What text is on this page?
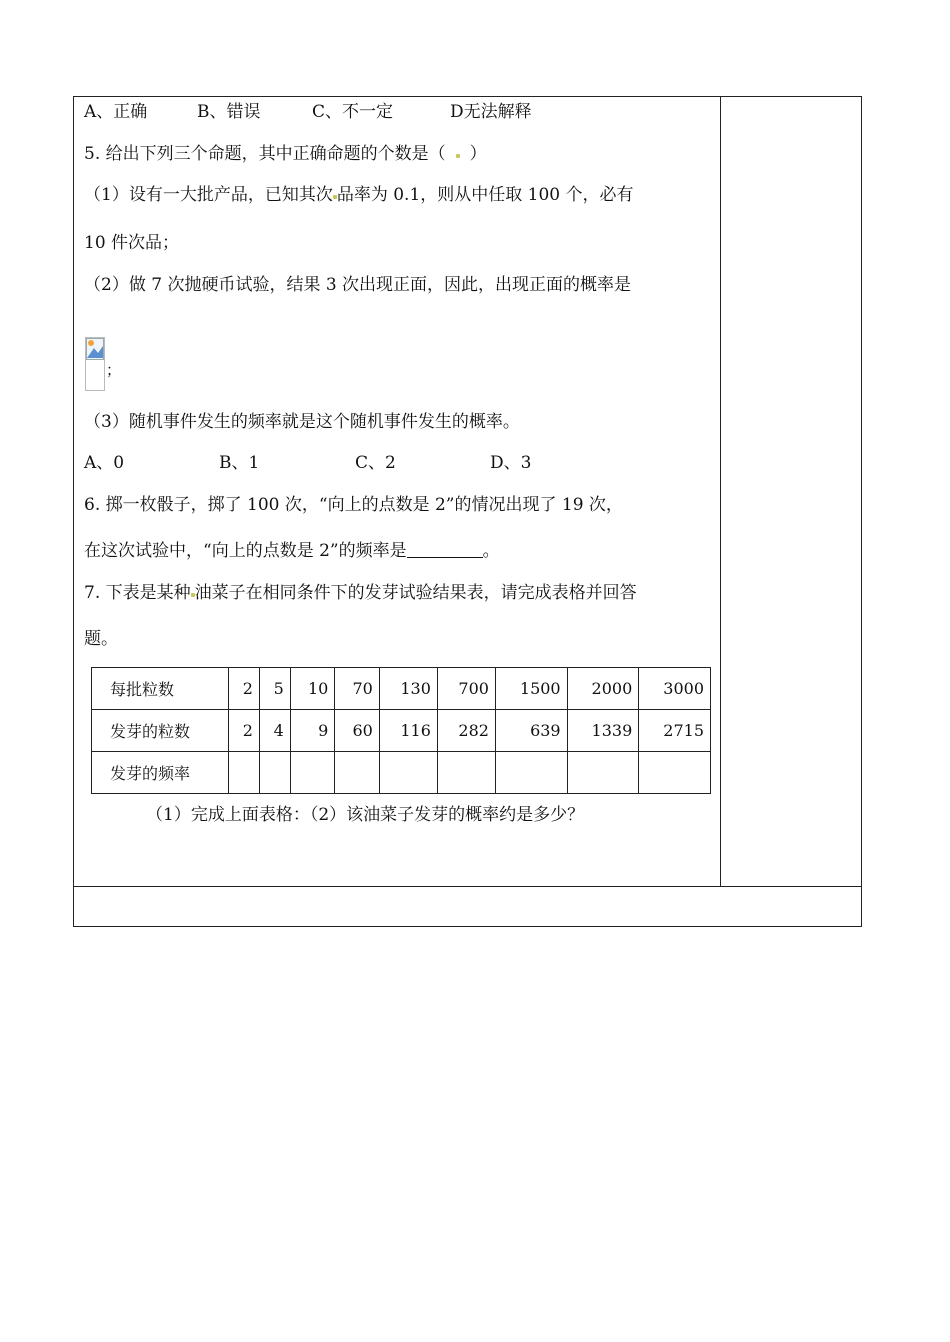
A、正确	B、错误	C、不一定	D无法解释
5. 给出下列三个命题，其中正确命题的个数是（ ）
（1）设有一大批产品，已知其次 品率为 0.1，则从中任取 100 个，必有
10 件次品；
（2）做 7 次抛硬币试验，结果 3 次出现正面，因此，出现正面的概率是
；
（3）随机事件发生的频率就是这个随机事件发生的概率。
A、0	B、1	C、2	D、3
6. 掷一枚骰子，掷了 100 次，“向上的点数是 2”的情况出现了 19 次，
在这次试验中，“向上的点数是 2”的频率是	。
7. 下表是某种 油菜子在相同条件下的发芽试验结果表，请完成表格并回答
题。
每批粒数	2	5	10	70	130	700	1500	2000	3000
发芽的粒数	2	4	9	60	116	282	639	1339	2715
发芽的频率									
（1）完成上面表格：（2）该油菜子发芽的概率约是多少？
